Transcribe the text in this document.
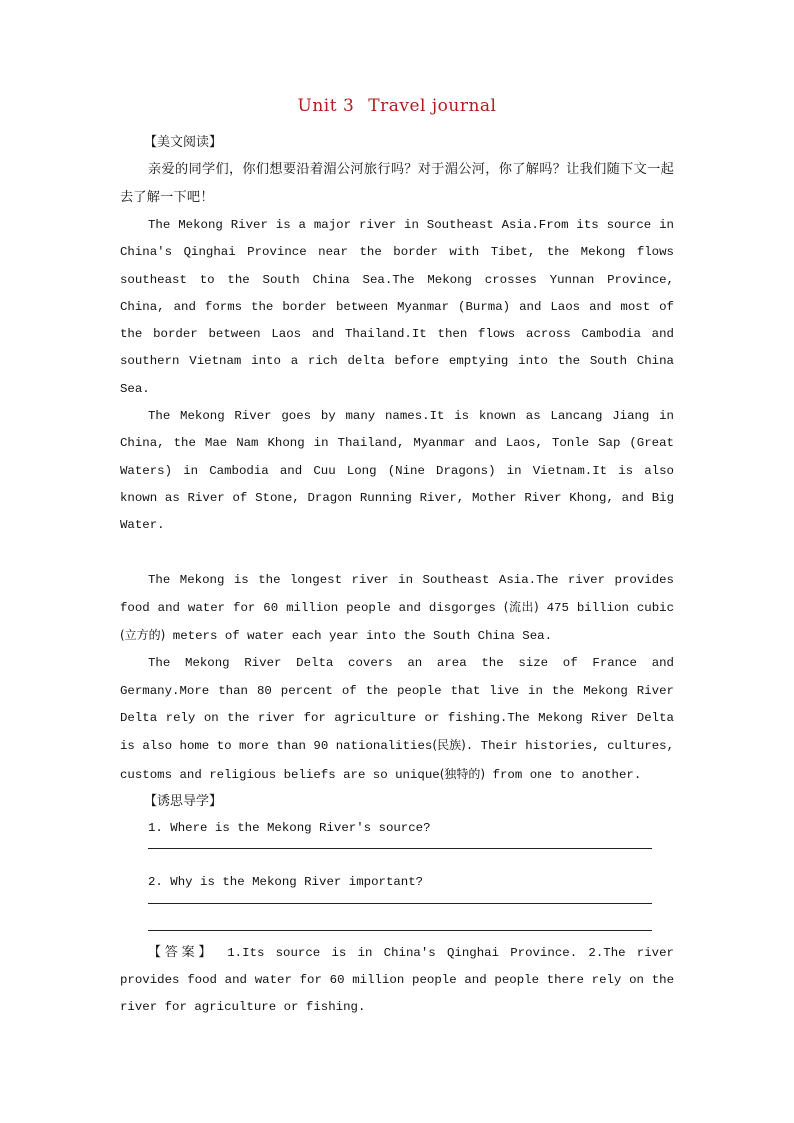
Unit 3 Travel journal
【美文阅读】
亲爱的同学们，你们想要沿着湄公河旅行吗？对于湄公河，你了解吗？让我们随下文一起去了解一下吧！

The Mekong River is a major river in Southeast Asia.From its source in China's Qinghai Province near the border with Tibet, the Mekong flows southeast to the South China Sea.The Mekong crosses Yunnan Province, China, and forms the border between Myanmar (Burma) and Laos and most of the border between Laos and Thailand.It then flows across Cambodia and southern Vietnam into a rich delta before emptying into the South China Sea.

The Mekong River goes by many names.It is known as Lancang Jiang in China, the Mae Nam Khong in Thailand, Myanmar and Laos, Tonle Sap (Great Waters) in Cambodia and Cuu Long (Nine Dragons) in Vietnam.It is also known as River of Stone, Dragon Running River, Mother River Khong, and Big Water.

The Mekong is the longest river in Southeast Asia.The river provides food and water for 60 million people and disgorges (流出) 475 billion cubic (立方的) meters of water each year into the South China Sea.

The Mekong River Delta covers an area the size of France and Germany.More than 80 percent of the people that live in the Mekong River Delta rely on the river for agriculture or fishing.The Mekong River Delta is also home to more than 90 nationalities(民族). Their histories, cultures, customs and religious beliefs are so unique(独特的) from one to another.

【诱思导学】

1. Where is the Mekong River's source?

2. Why is the Mekong River important?

【答案】 1.Its source is in China's Qinghai Province. 2.The river provides food and water for 60 million people and people there rely on the river for agriculture or fishing.
